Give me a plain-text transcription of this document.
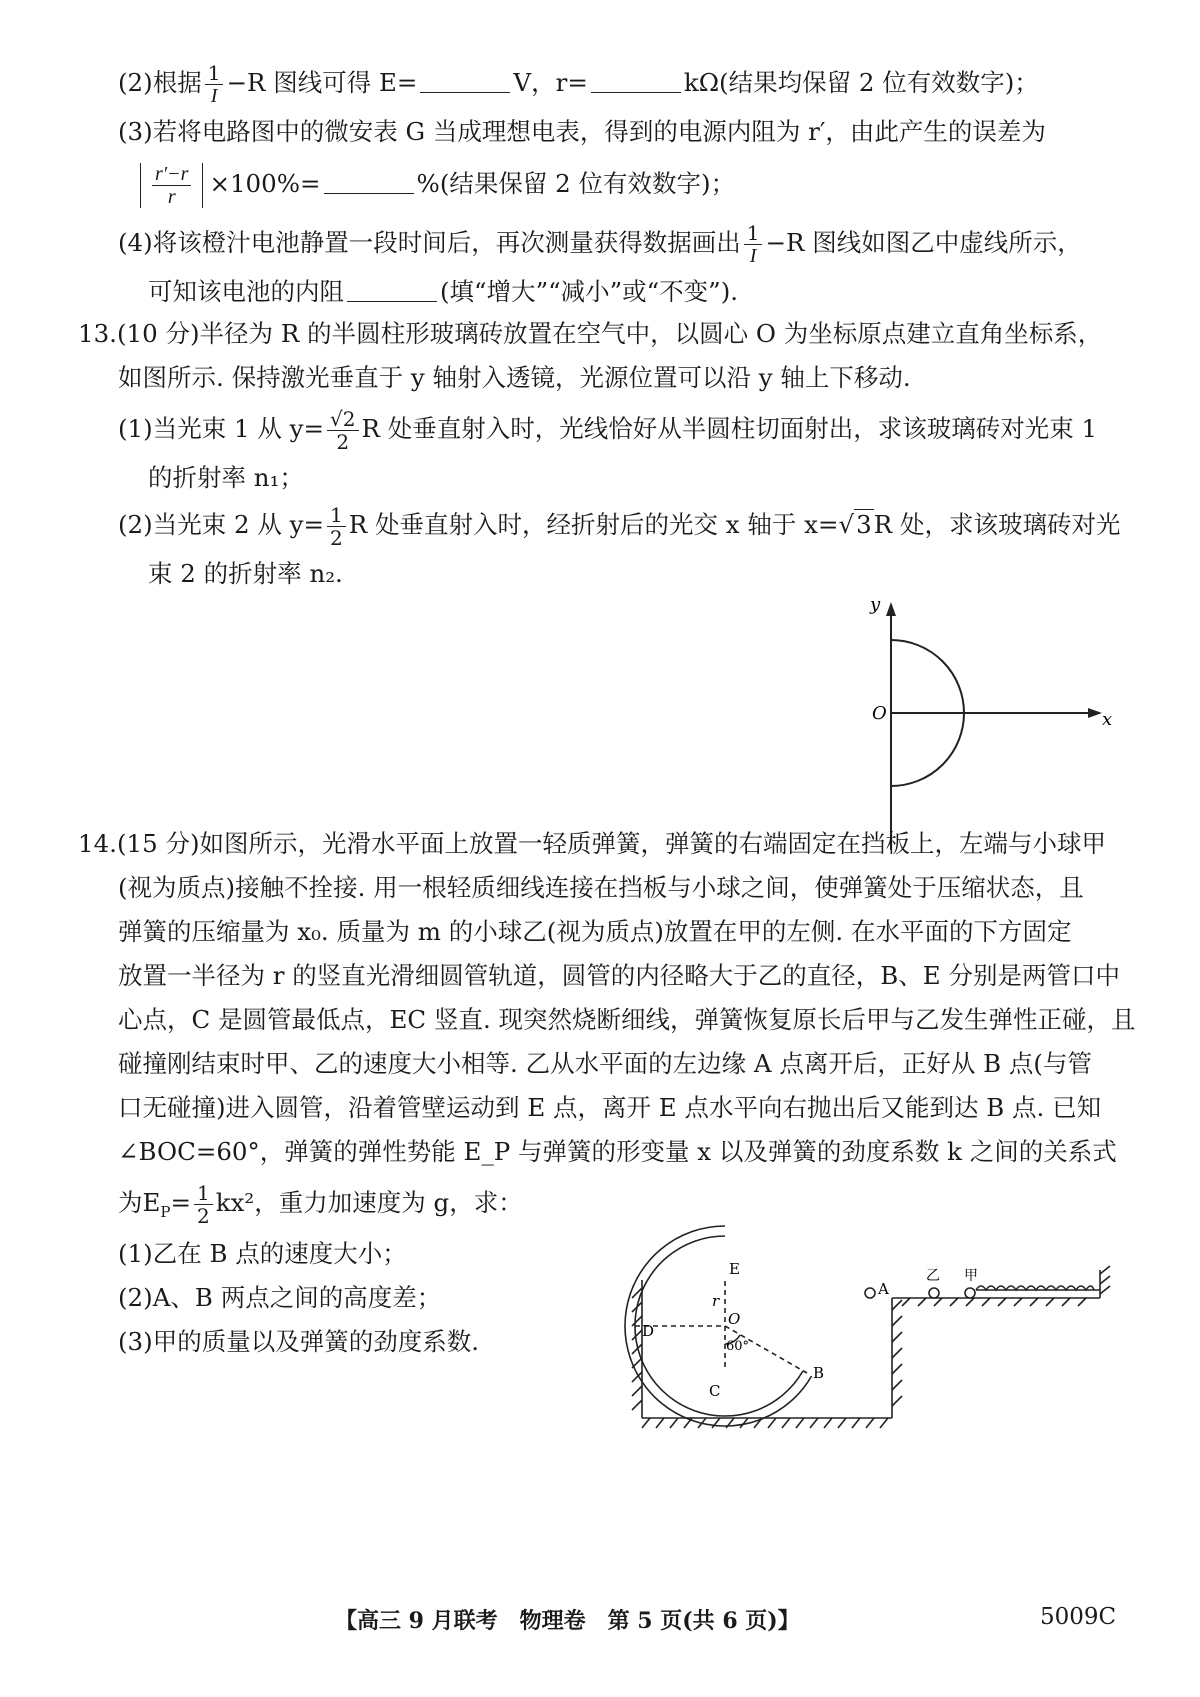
(2)根据 $\frac{1}{I} -R$ 图线可得 E=	V，r=	kΩ(结果均保留 2 位有效数字)；
(3)若将电路图中的微安表 G 当成理想电表，得到的电源内阻为 r′，由此产生的误差为
$\frac{r'-r}{r} \times 100\%=$	%(结果保留 2 位有效数字)；
(4)将该橙汁电池静置一段时间后，再次测量获得数据画出 $\frac{1}{I} -R$ 图线如图乙中虚线所示，
可知该电池的内阻	(填“增大”“减小”或“不变”).
13.(10 分)半径为 R 的半圆柱形玻璃砖放置在空气中，以圆心 O 为坐标原点建立直角坐标系，
如图所示. 保持激光垂直于 y 轴射入透镜，光源位置可以沿 y 轴上下移动.
(1)当光束 1 从 $y= \frac{√2}{2}$ R 处垂直射入时，光线恰好从半圆柱切面射出，求该玻璃砖对光束 1
的折射率 n₁；
(2)当光束 2 从 $y= \frac{1}{2}$ R 处垂直射入时，经折射后的光交 x 轴于 x=√3R 处，求该玻璃砖对光
束 2 的折射率 n₂.
y
x
O
14.(15 分)如图所示，光滑水平面上放置一轻质弹簧，弹簧的右端固定在挡板上，左端与小球甲
(视为质点)接触不拴接. 用一根轻质细线连接在挡板与小球之间，使弹簧处于压缩状态，且
弹簧的压缩量为 x₀. 质量为 m 的小球乙(视为质点)放置在甲的左侧. 在水平面的下方固定
放置一半径为 r 的竖直光滑细圆管轨道，圆管的内径略大于乙的直径，B、E 分别是两管口中
心点，C 是圆管最低点，EC 竖直. 现突然烧断细线，弹簧恢复原长后甲与乙发生弹性正碰，且
碰撞刚结束时甲、乙的速度大小相等. 乙从水平面的左边缘 A 点离开后，正好从 B 点(与管
口无碰撞)进入圆管，沿着管壁运动到 E 点，离开 E 点水平向右抛出后又能到达 B 点. 已知
∠BOC=60°，弹簧的弹性势能 E_P 与弹簧的形变量 x 以及弹簧的劲度系数 k 之间的关系式
为$E_P= \frac{1}{2} kx^2$，重力加速度为 g，求：
(1)乙在 B 点的速度大小；
(2)A、B 两点之间的高度差；
(3)甲的质量以及弹簧的劲度系数.
E
D
O
C
B
r
60°
A
乙 甲
【高三 9 月联考　物理卷　第 5 页(共 6 页)】	5009C
